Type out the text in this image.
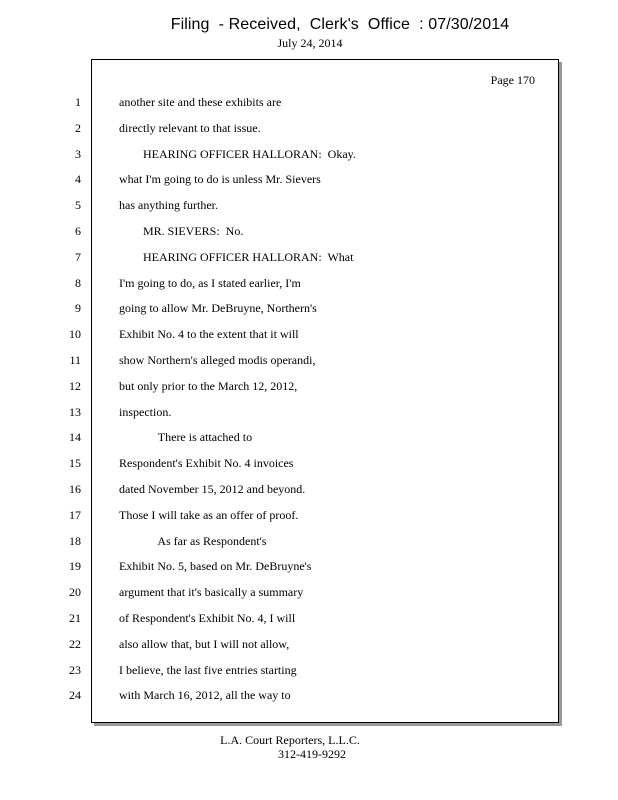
Filing  - Received,  Clerk's  Office  : 07/30/2014
July 24, 2014
Page 170
1	another site and these exhibits are
2	directly relevant to that issue.
3	HEARING OFFICER HALLORAN:  Okay.
4	what I'm going to do is unless Mr. Sievers
5	has anything further.
6	MR. SIEVERS:  No.
7	HEARING OFFICER HALLORAN:  What
8	I'm going to do, as I stated earlier, I'm
9	going to allow Mr. DeBruyne, Northern's
10	Exhibit No. 4 to the extent that it will
11	show Northern's alleged modis operandi,
12	but only prior to the March 12, 2012,
13	inspection.
14	There is attached to
15	Respondent's Exhibit No. 4 invoices
16	dated November 15, 2012 and beyond.
17	Those I will take as an offer of proof.
18	As far as Respondent's
19	Exhibit No. 5, based on Mr. DeBruyne's
20	argument that it's basically a summary
21	of Respondent's Exhibit No. 4, I will
22	also allow that, but I will not allow,
23	I believe, the last five entries starting
24	with March 16, 2012, all the way to
L.A. Court Reporters, L.L.C.
312-419-9292
